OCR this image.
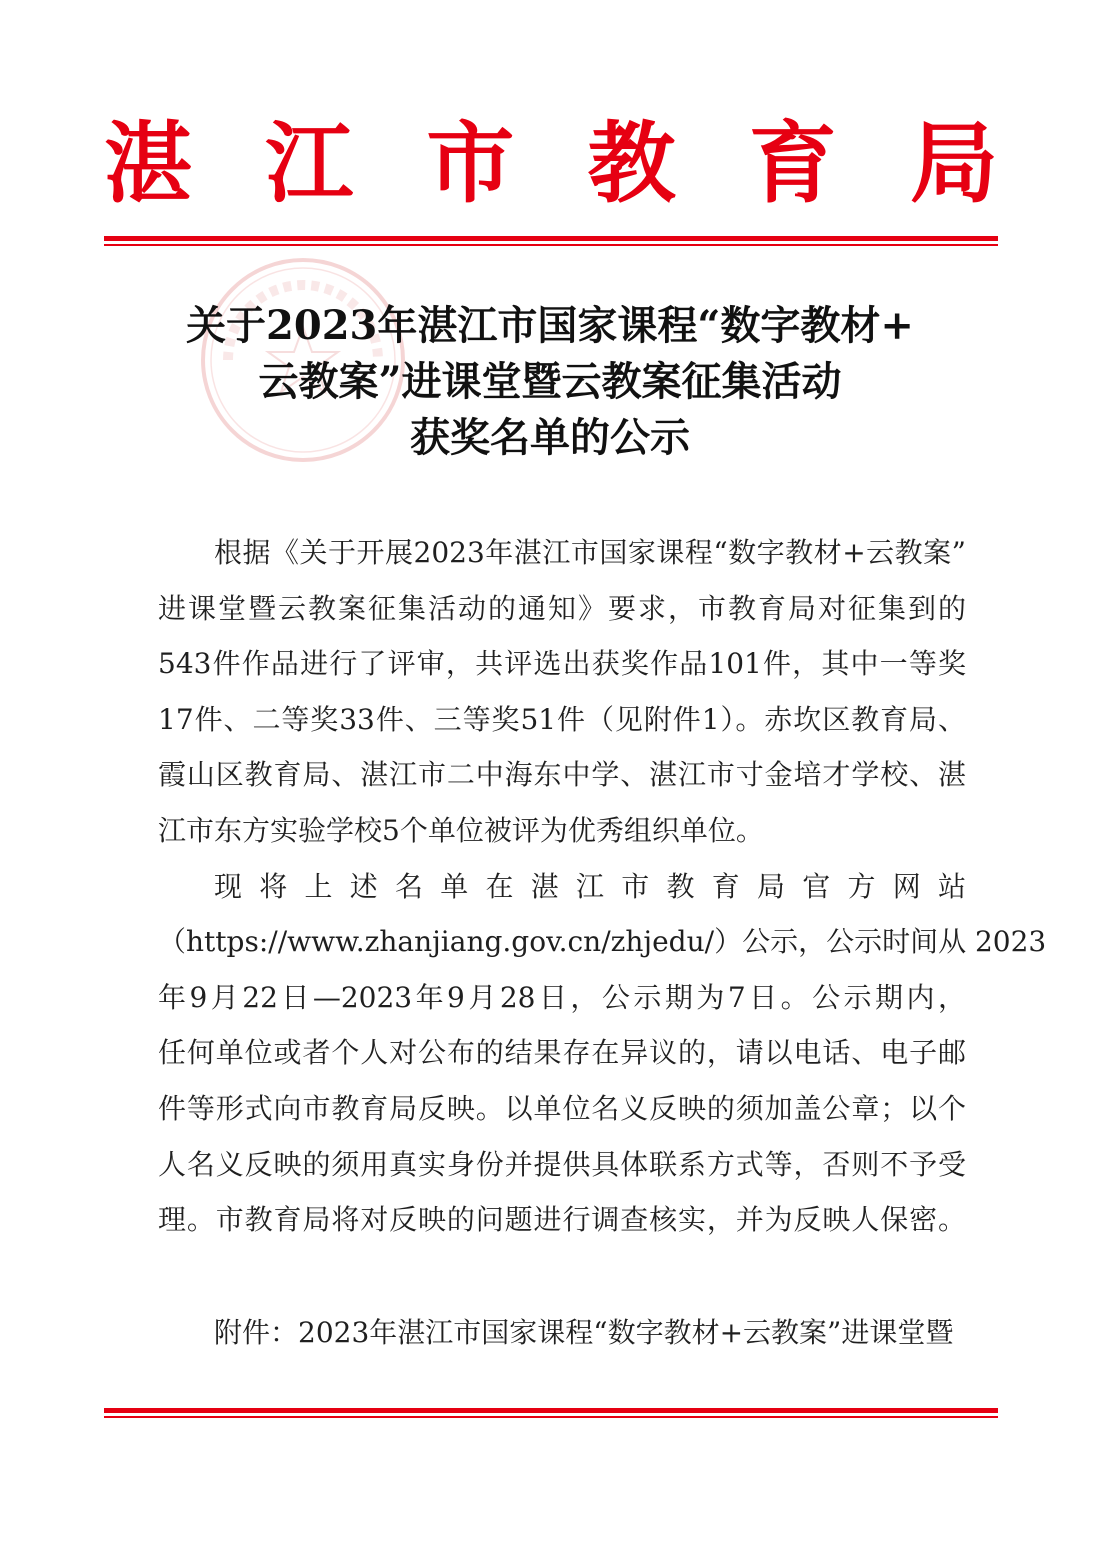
湛 江 市 教 育 局
关于2023年湛江市国家课程“数字教材+
云教案”进课堂暨云教案征集活动
获奖名单的公示
根据《关于开展2023年湛江市国家课程“数字教材+云教案”
进课堂暨云教案征集活动的通知》要求，市教育局对征集到的
543件作品进行了评审，共评选出获奖作品101件，其中一等奖
17件、二等奖33件、三等奖51件（见附件1）。赤坎区教育局、
霞山区教育局、湛江市二中海东中学、湛江市寸金培才学校、湛
江市东方实验学校5个单位被评为优秀组织单位。
现将上述名单在湛江市教育局官方网站
（https://www.zhanjiang.gov.cn/zhjedu/）公示，公示时间从 2023
年9月22日—2023年9月28日，公示期为7日。公示期内，
任何单位或者个人对公布的结果存在异议的，请以电话、电子邮
件等形式向市教育局反映。以单位名义反映的须加盖公章；以个
人名义反映的须用真实身份并提供具体联系方式等，否则不予受
理。市教育局将对反映的问题进行调查核实，并为反映人保密。
附件：2023年湛江市国家课程“数字教材+云教案”进课堂暨
